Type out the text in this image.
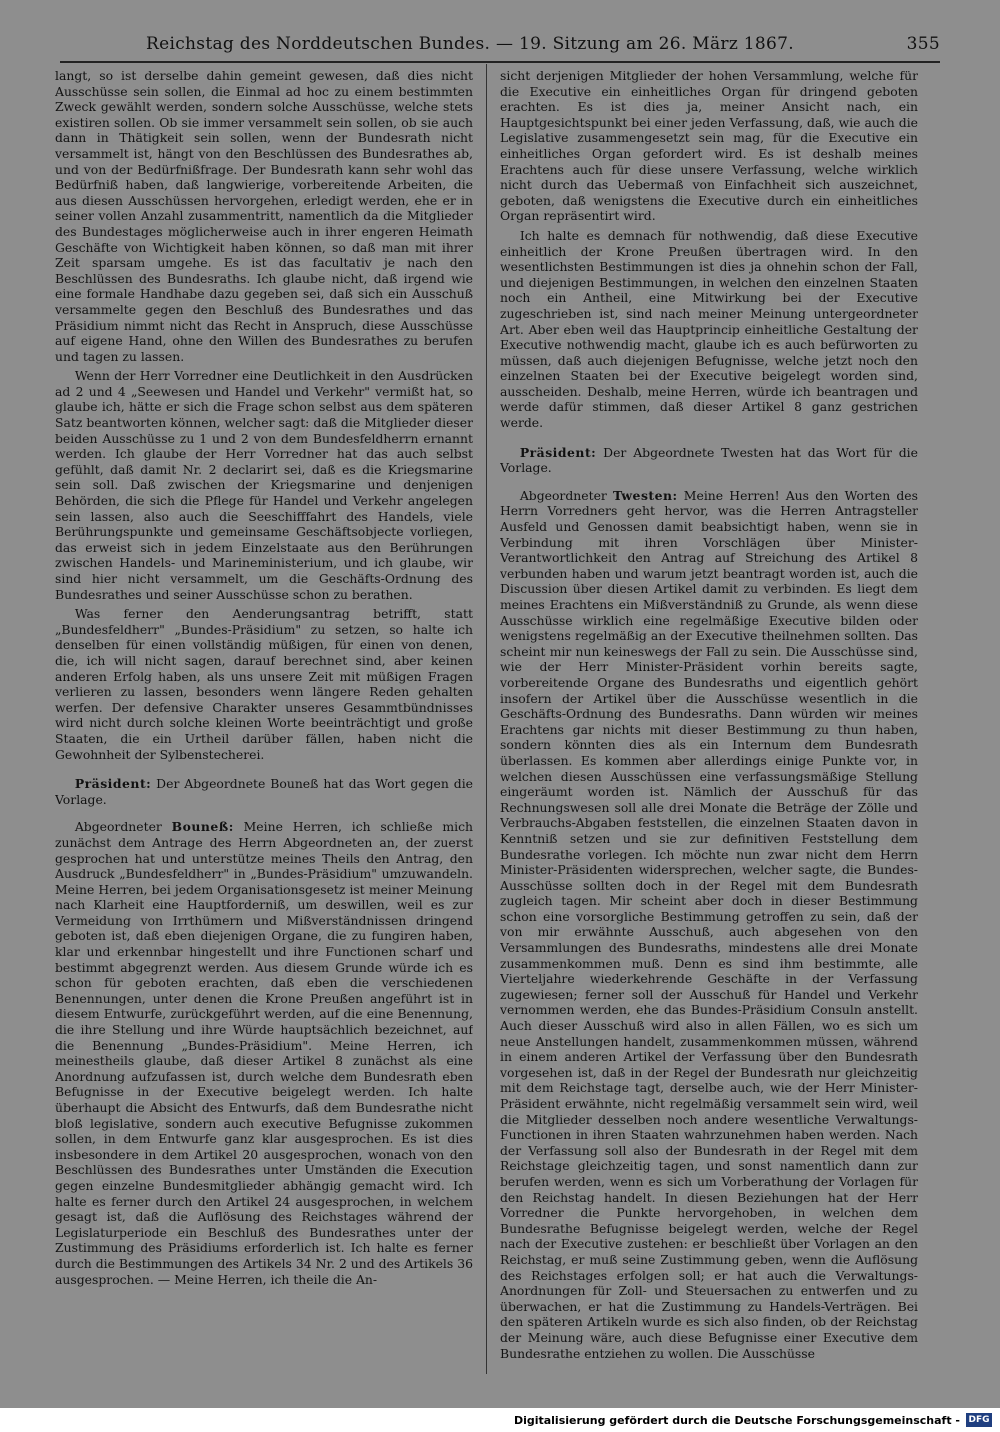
Reichstag des Norddeutschen Bundes. — 19. Sitzung am 26. März 1867.	355

langt, so ist derselbe dahin gemeint gewesen, daß dies nicht Ausschüsse sein sollen, die Einmal ad hoc zu einem bestimmten Zweck gewählt werden, sondern solche Ausschüsse, welche stets existiren sollen. Ob sie immer versammelt sein sollen, ob sie auch dann in Thätigkeit sein sollen, wenn der Bundesrath nicht versammelt ist, hängt von den Beschlüssen des Bundesrathes ab, und von der Bedürfnißfrage. Der Bundesrath kann sehr wohl das Bedürfniß haben, daß langwierige, vorbereitende Arbeiten, die aus diesen Ausschüssen hervorgehen, erledigt werden, ehe er in seiner vollen Anzahl zusammentritt, namentlich da die Mitglieder des Bundestages möglicherweise auch in ihrer engeren Heimath Geschäfte von Wichtigkeit haben können, so daß man mit ihrer Zeit sparsam umgehe. Es ist das facultativ je nach den Beschlüssen des Bundesraths. Ich glaube nicht, daß irgend wie eine formale Handhabe dazu gegeben sei, daß sich ein Ausschuß versammelte gegen den Beschluß des Bundesrathes und das Präsidium nimmt nicht das Recht in Anspruch, diese Ausschüsse auf eigene Hand, ohne den Willen des Bundesrathes zu berufen und tagen zu lassen.

Wenn der Herr Vorredner eine Deutlichkeit in den Ausdrücken ad 2 und 4 „Seewesen und Handel und Verkehr" vermißt hat, so glaube ich, hätte er sich die Frage schon selbst aus dem späteren Satz beantworten können, welcher sagt: daß die Mitglieder dieser beiden Ausschüsse zu 1 und 2 von dem Bundesfeldherrn ernannt werden. Ich glaube der Herr Vorredner hat das auch selbst gefühlt, daß damit Nr. 2 declarirt sei, daß es die Kriegsmarine sein soll. Daß zwischen der Kriegsmarine und denjenigen Behörden, die sich die Pflege für Handel und Verkehr angelegen sein lassen, also auch die Seeschifffahrt des Handels, viele Berührungspunkte und gemeinsame Geschäftsobjecte vorliegen, das erweist sich in jedem Einzelstaate aus den Berührungen zwischen Handels- und Marineministerium, und ich glaube, wir sind hier nicht versammelt, um die Geschäfts-Ordnung des Bundesrathes und seiner Ausschüsse schon zu berathen.

Was ferner den Aenderungsantrag betrifft, statt „Bundesfeldherr" „Bundes-Präsidium" zu setzen, so halte ich denselben für einen vollständig müßigen, für einen von denen, die, ich will nicht sagen, darauf berechnet sind, aber keinen anderen Erfolg haben, als uns unsere Zeit mit müßigen Fragen verlieren zu lassen, besonders wenn längere Reden gehalten werfen. Der defensive Charakter unseres Gesammtbündnisses wird nicht durch solche kleinen Worte beeinträchtigt und große Staaten, die ein Urtheil darüber fällen, haben nicht die Gewohnheit der Sylbenstecherei.

Präsident: Der Abgeordnete Bouneß hat das Wort gegen die Vorlage.

Abgeordneter Bouneß: Meine Herren, ich schließe mich zunächst dem Antrage des Herrn Abgeordneten an, der zuerst gesprochen hat und unterstütze meines Theils den Antrag, den Ausdruck „Bundesfeldherr" in „Bundes-Präsidium" umzuwandeln. Meine Herren, bei jedem Organisationsgesetz ist meiner Meinung nach Klarheit eine Hauptforderniß, um deswillen, weil es zur Vermeidung von Irrthümern und Mißverständnissen dringend geboten ist, daß eben diejenigen Organe, die zu fungiren haben, klar und erkennbar hingestellt und ihre Functionen scharf und bestimmt abgegrenzt werden. Aus diesem Grunde würde ich es schon für geboten erachten, daß eben die verschiedenen Benennungen, unter denen die Krone Preußen angeführt ist in diesem Entwurfe, zurückgeführt werden, auf die eine Benennung, die ihre Stellung und ihre Würde hauptsächlich bezeichnet, auf die Benennung „Bundes-Präsidium". Meine Herren, ich meinestheils glaube, daß dieser Artikel 8 zunächst als eine Anordnung aufzufassen ist, durch welche dem Bundesrath eben Befugnisse in der Executive beigelegt werden. Ich halte überhaupt die Absicht des Entwurfs, daß dem Bundesrathe nicht bloß legislative, sondern auch executive Befugnisse zukommen sollen, in dem Entwurfe ganz klar ausgesprochen. Es ist dies insbesondere in dem Artikel 20 ausgesprochen, wonach von den Beschlüssen des Bundesrathes unter Umständen die Execution gegen einzelne Bundesmitglieder abhängig gemacht wird. Ich halte es ferner durch den Artikel 24 ausgesprochen, in welchem gesagt ist, daß die Auflösung des Reichstages während der Legislaturperiode ein Beschluß des Bundesrathes unter der Zustimmung des Präsidiums erforderlich ist. Ich halte es ferner durch die Bestimmungen des Artikels 34 Nr. 2 und des Artikels 36 ausgesprochen. — Meine Herren, ich theile die An-

sicht derjenigen Mitglieder der hohen Versammlung, welche für die Executive ein einheitliches Organ für dringend geboten erachten. Es ist dies ja, meiner Ansicht nach, ein Hauptgesichtspunkt bei einer jeden Verfassung, daß, wie auch die Legislative zusammengesetzt sein mag, für die Executive ein einheitliches Organ gefordert wird. Es ist deshalb meines Erachtens auch für diese unsere Verfassung, welche wirklich nicht durch das Uebermaß von Einfachheit sich auszeichnet, geboten, daß wenigstens die Executive durch ein einheitliches Organ repräsentirt wird.

Ich halte es demnach für nothwendig, daß diese Executive einheitlich der Krone Preußen übertragen wird. In den wesentlichsten Bestimmungen ist dies ja ohnehin schon der Fall, und diejenigen Bestimmungen, in welchen den einzelnen Staaten noch ein Antheil, eine Mitwirkung bei der Executive zugeschrieben ist, sind nach meiner Meinung untergeordneter Art. Aber eben weil das Hauptprincip einheitliche Gestaltung der Executive nothwendig macht, glaube ich es auch befürworten zu müssen, daß auch diejenigen Befugnisse, welche jetzt noch den einzelnen Staaten bei der Executive beigelegt worden sind, ausscheiden. Deshalb, meine Herren, würde ich beantragen und werde dafür stimmen, daß dieser Artikel 8 ganz gestrichen werde.

Präsident: Der Abgeordnete Twesten hat das Wort für die Vorlage.

Abgeordneter Twesten: Meine Herren! Aus den Worten des Herrn Vorredners geht hervor, was die Herren Antragsteller Ausfeld und Genossen damit beabsichtigt haben, wenn sie in Verbindung mit ihren Vorschlägen über Minister-Verantwortlichkeit den Antrag auf Streichung des Artikel 8 verbunden haben und warum jetzt beantragt worden ist, auch die Discussion über diesen Artikel damit zu verbinden. Es liegt dem meines Erachtens ein Mißverständniß zu Grunde, als wenn diese Ausschüsse wirklich eine regelmäßige Executive bilden oder wenigstens regelmäßig an der Executive theilnehmen sollten. Das scheint mir nun keineswegs der Fall zu sein. Die Ausschüsse sind, wie der Herr Minister-Präsident vorhin bereits sagte, vorbereitende Organe des Bundesraths und eigentlich gehört insofern der Artikel über die Ausschüsse wesentlich in die Geschäfts-Ordnung des Bundesraths. Dann würden wir meines Erachtens gar nichts mit dieser Bestimmung zu thun haben, sondern könnten dies als ein Internum dem Bundesrath überlassen. Es kommen aber allerdings einige Punkte vor, in welchen diesen Ausschüssen eine verfassungsmäßige Stellung eingeräumt worden ist. Nämlich der Ausschuß für das Rechnungswesen soll alle drei Monate die Beträge der Zölle und Verbrauchs-Abgaben feststellen, die einzelnen Staaten davon in Kenntniß setzen und sie zur definitiven Feststellung dem Bundesrathe vorlegen. Ich möchte nun zwar nicht dem Herrn Minister-Präsidenten widersprechen, welcher sagte, die Bundes-Ausschüsse sollten doch in der Regel mit dem Bundesrath zugleich tagen. Mir scheint aber doch in dieser Bestimmung schon eine vorsorgliche Bestimmung getroffen zu sein, daß der von mir erwähnte Ausschuß, auch abgesehen von den Versammlungen des Bundesraths, mindestens alle drei Monate zusammenkommen muß. Denn es sind ihm bestimmte, alle Vierteljahre wiederkehrende Geschäfte in der Verfassung zugewiesen; ferner soll der Ausschuß für Handel und Verkehr vernommen werden, ehe das Bundes-Präsidium Consuln anstellt. Auch dieser Ausschuß wird also in allen Fällen, wo es sich um neue Anstellungen handelt, zusammenkommen müssen, während in einem anderen Artikel der Verfassung über den Bundesrath vorgesehen ist, daß in der Regel der Bundesrath nur gleichzeitig mit dem Reichstage tagt, derselbe auch, wie der Herr Minister-Präsident erwähnte, nicht regelmäßig versammelt sein wird, weil die Mitglieder desselben noch andere wesentliche Verwaltungs-Functionen in ihren Staaten wahrzunehmen haben werden. Nach der Verfassung soll also der Bundesrath in der Regel mit dem Reichstage gleichzeitig tagen, und sonst namentlich dann zur berufen werden, wenn es sich um Vorberathung der Vorlagen für den Reichstag handelt. In diesen Beziehungen hat der Herr Vorredner die Punkte hervorgehoben, in welchen dem Bundesrathe Befugnisse beigelegt werden, welche der Regel nach der Executive zustehen: er beschließt über Vorlagen an den Reichstag, er muß seine Zustimmung geben, wenn die Auflösung des Reichstages erfolgen soll; er hat auch die Verwaltungs-Anordnungen für Zoll- und Steuersachen zu entwerfen und zu überwachen, er hat die Zustimmung zu Handels-Verträgen. Bei den späteren Artikeln wurde es sich also finden, ob der Reichstag der Meinung wäre, auch diese Befugnisse einer Executive dem Bundesrathe entziehen zu wollen. Die Ausschüsse

Digitalisierung gefördert durch die Deutsche Forschungsgemeinschaft - DFG
